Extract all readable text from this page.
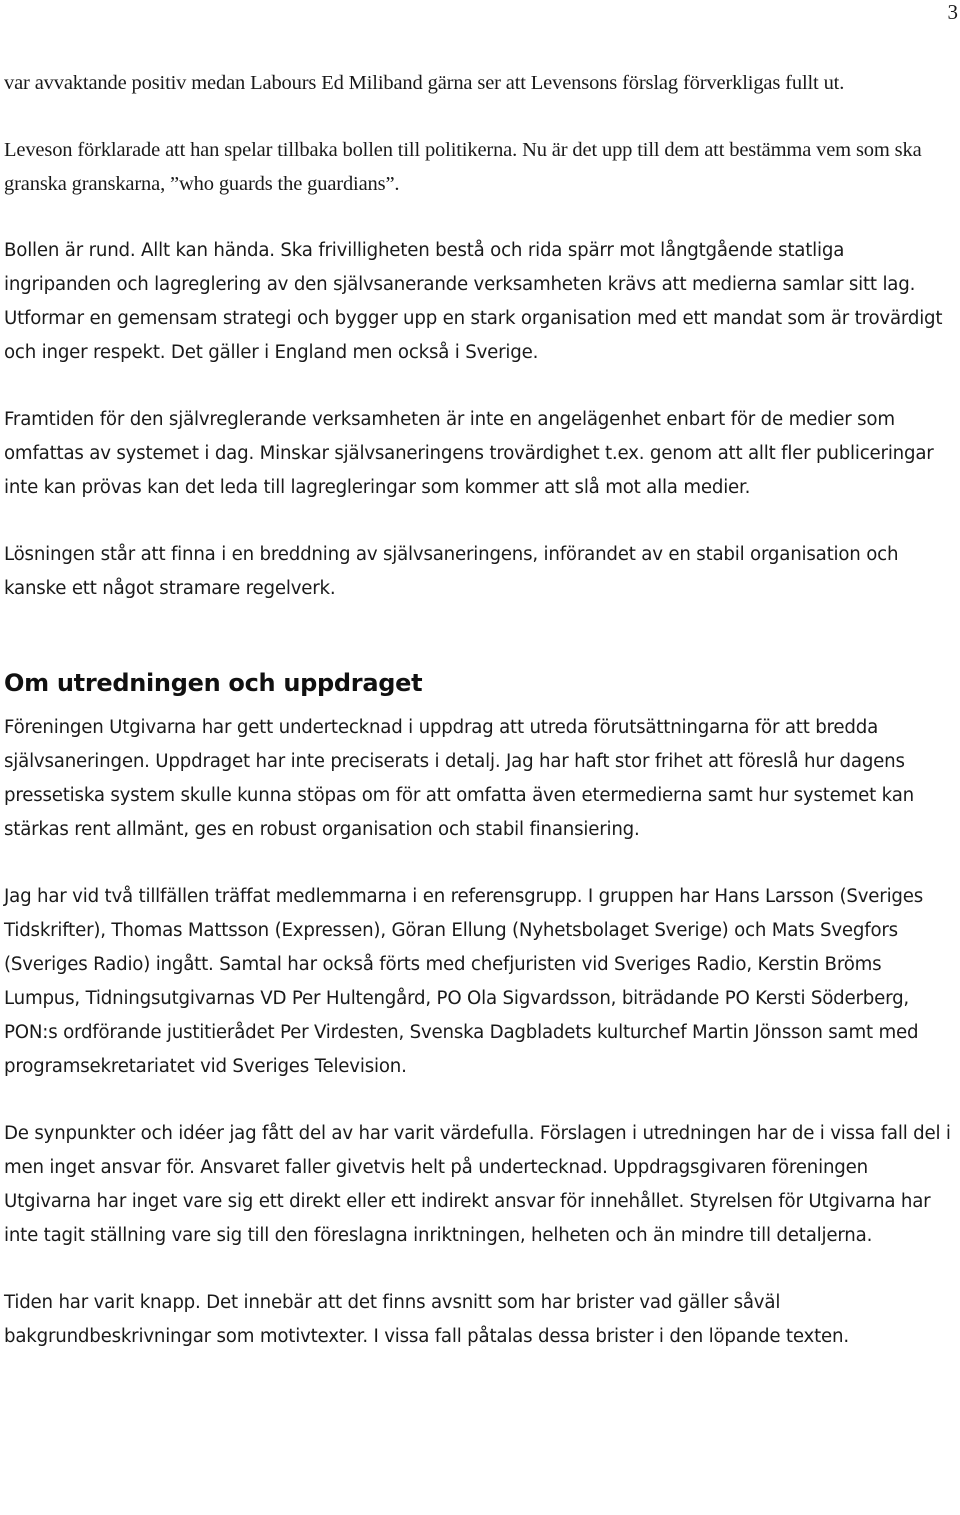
3

var avvaktande positiv medan Labours Ed Miliband gärna ser att Levensons förslag förverkligas fullt ut.

Leveson förklarade att han spelar tillbaka bollen till politikerna. Nu är det upp till dem att bestämma vem som ska granska granskarna, ”who guards the guardians”.

Bollen är rund. Allt kan hända. Ska frivilligheten bestå och rida spärr mot långtgående statliga ingripanden och lagreglering av den självsanerande verksamheten krävs att medierna samlar sitt lag. Utformar en gemensam strategi och bygger upp en stark organisation med ett mandat som är trovärdigt och inger respekt. Det gäller i England men också i Sverige.

Framtiden för den självreglerande verksamheten är inte en angelägenhet enbart för de medier som omfattas av systemet i dag. Minskar självsaneringens trovärdighet t.ex. genom att allt fler publiceringar inte kan prövas kan det leda till lagregleringar som kommer att slå mot alla medier.

Lösningen står att finna i en breddning av självsaneringens, införandet av en stabil organisation och kanske ett något stramare regelverk.

Om utredningen och uppdraget

Föreningen Utgivarna har gett undertecknad i uppdrag att utreda förutsättningarna för att bredda självsaneringen. Uppdraget har inte preciserats i detalj. Jag har haft stor frihet att föreslå hur dagens pressetiska system skulle kunna stöpas om för att omfatta även etermedierna samt hur systemet kan stärkas rent allmänt, ges en robust organisation och stabil finansiering.

Jag har vid två tillfällen träffat medlemmarna i en referensgrupp. I gruppen har Hans Larsson (Sveriges Tidskrifter), Thomas Mattsson (Expressen), Göran Ellung (Nyhetsbolaget Sverige) och Mats Svegfors (Sveriges Radio) ingått. Samtal har också förts med chefjuristen vid Sveriges Radio, Kerstin Bröms Lumpus, Tidningsutgivarnas VD Per Hultengård, PO Ola Sigvardsson, biträdande PO Kersti Söderberg, PON:s ordförande justitierådet Per Virdesten, Svenska Dagbladets kulturchef Martin Jönsson samt med programsekretariatet vid Sveriges Television.

De synpunkter och idéer jag fått del av har varit värdefulla. Förslagen i utredningen har de i vissa fall del i men inget ansvar för. Ansvaret faller givetvis helt på undertecknad. Uppdragsgivaren föreningen Utgivarna har inget vare sig ett direkt eller ett indirekt ansvar för innehållet. Styrelsen för Utgivarna har inte tagit ställning vare sig till den föreslagna inriktningen, helheten och än mindre till detaljerna.

Tiden har varit knapp. Det innebär att det finns avsnitt som har brister vad gäller såväl bakgrundbeskrivningar som motivtexter. I vissa fall påtalas dessa brister i den löpande texten.
